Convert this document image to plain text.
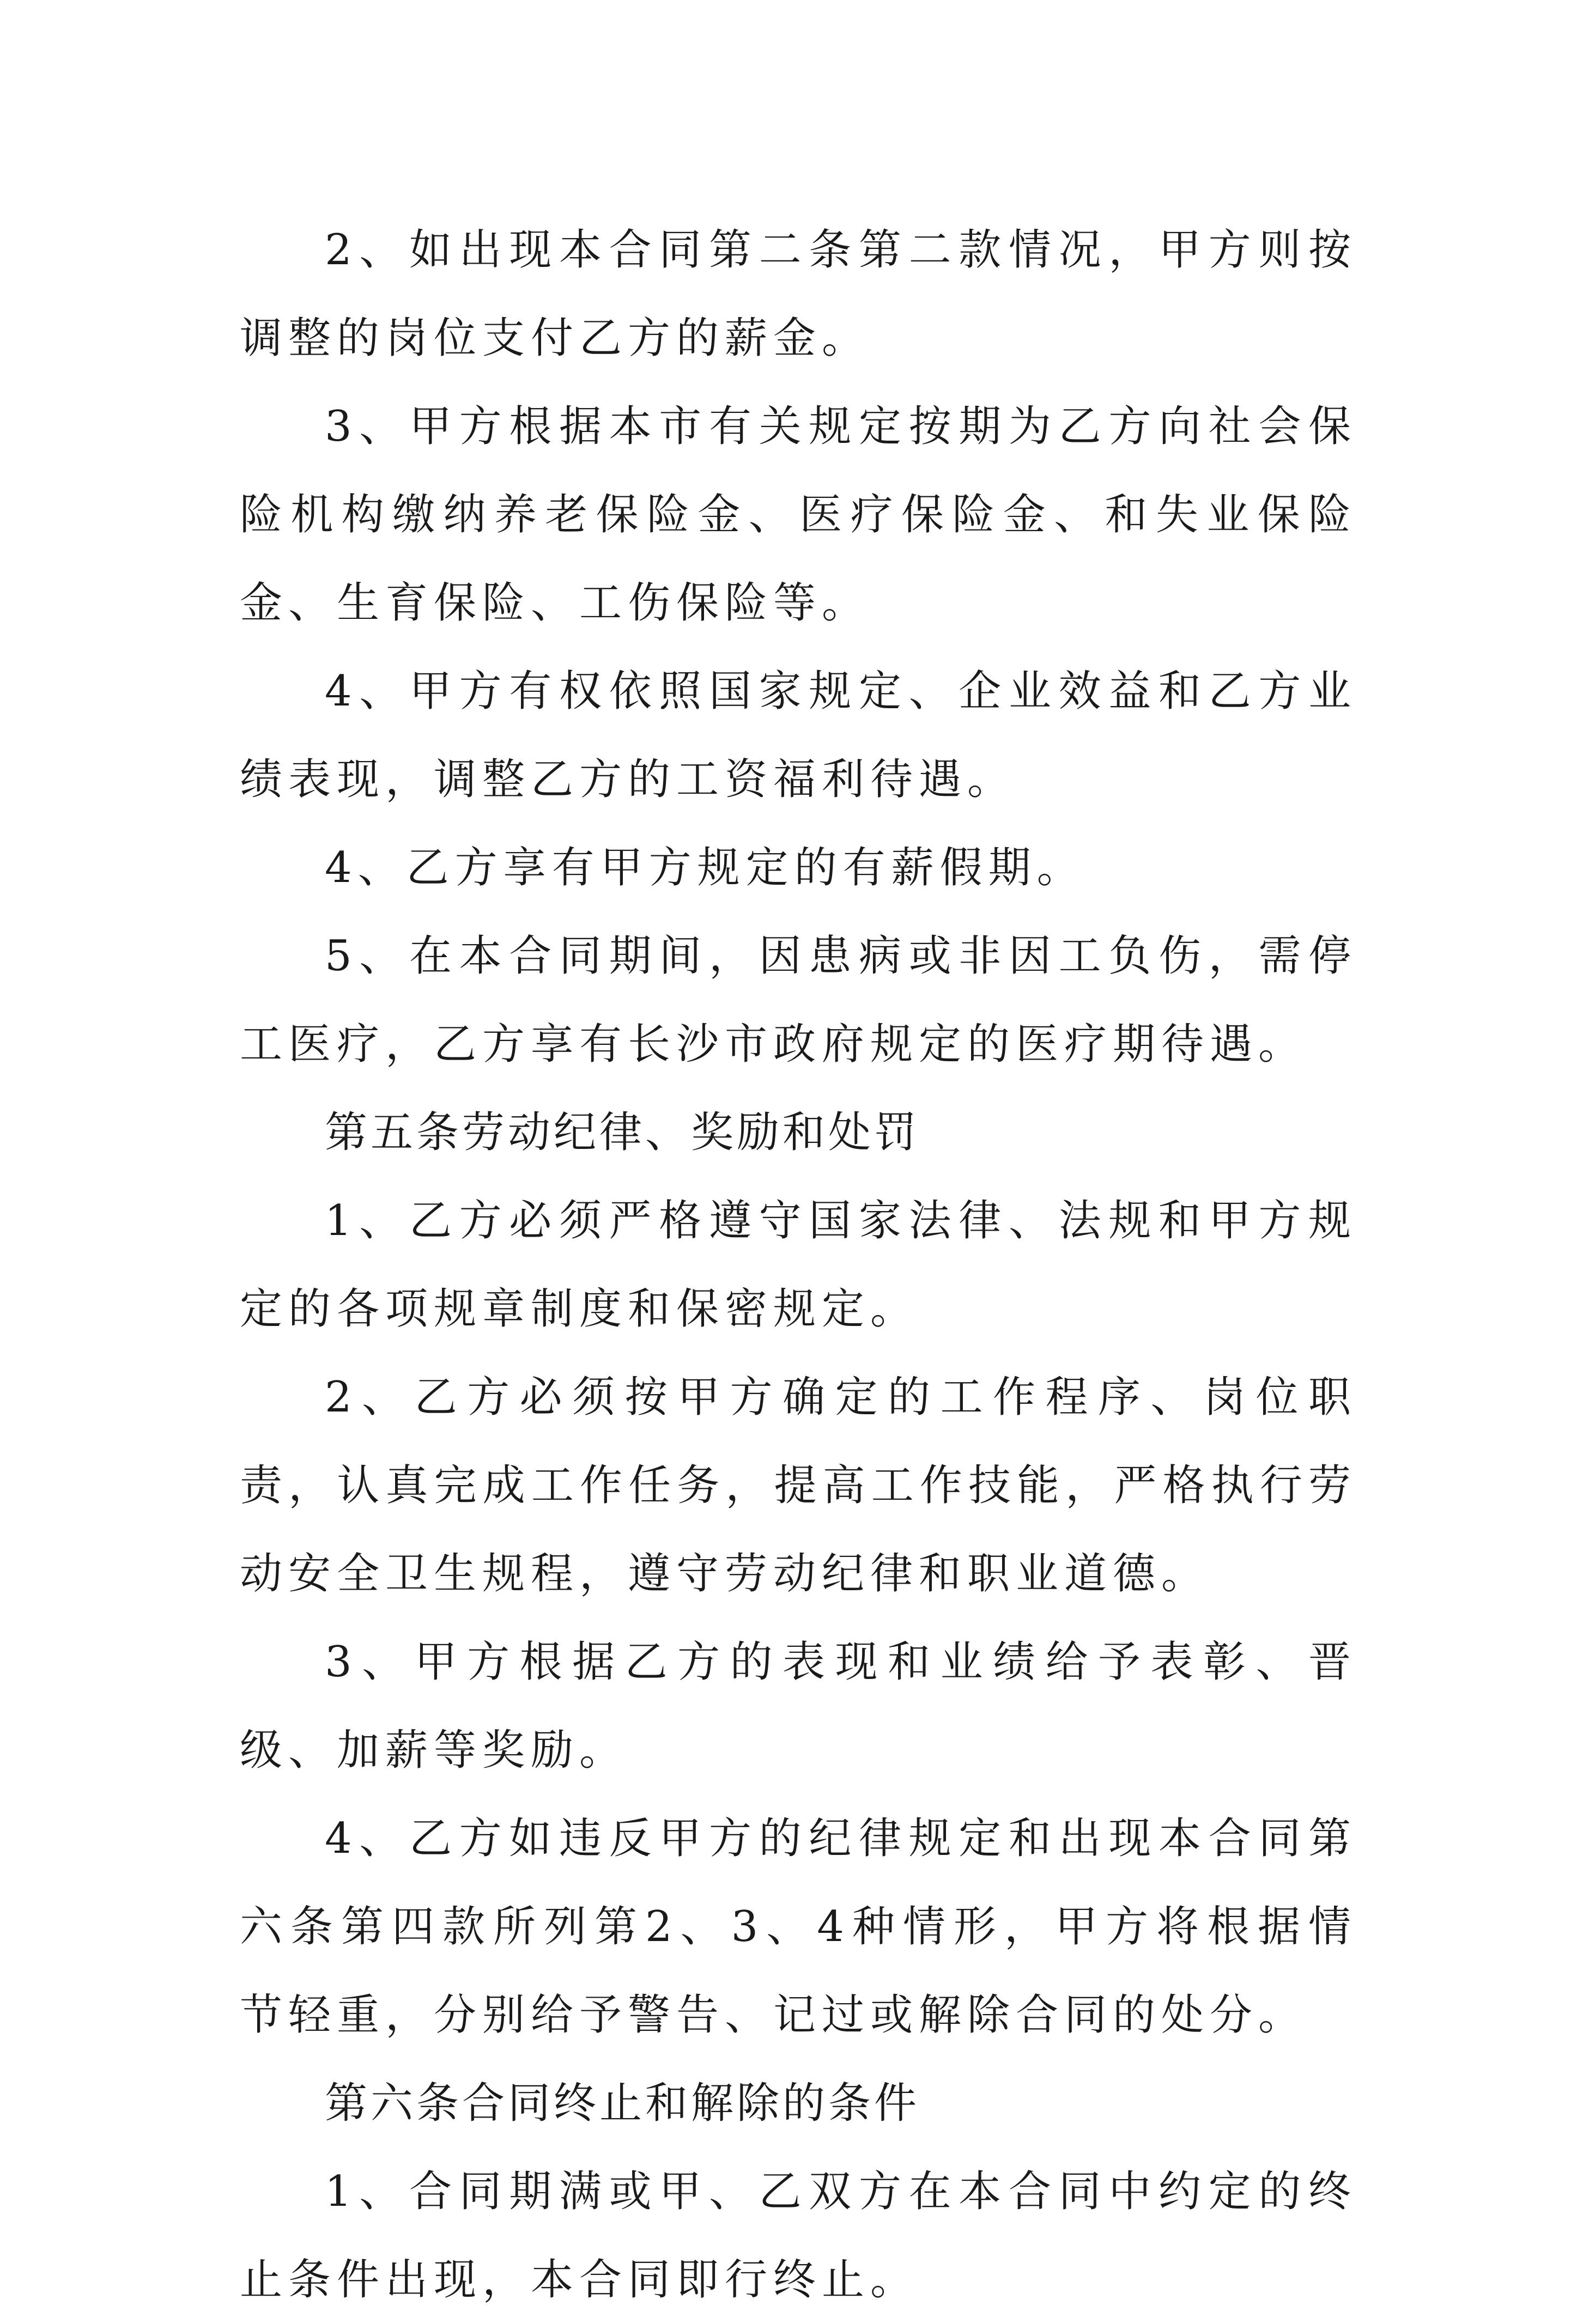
2、如出现本合同第二条第二款情况，甲方则按调整的岗位支付乙方的薪金。

3、甲方根据本市有关规定按期为乙方向社会保险机构缴纳养老保险金、医疗保险金、和失业保险金、生育保险、工伤保险等。

4、甲方有权依照国家规定、企业效益和乙方业绩表现，调整乙方的工资福利待遇。

4、乙方享有甲方规定的有薪假期。

5、在本合同期间，因患病或非因工负伤，需停工医疗，乙方享有长沙市政府规定的医疗期待遇。

第五条劳动纪律、奖励和处罚

1、乙方必须严格遵守国家法律、法规和甲方规定的各项规章制度和保密规定。

2、乙方必须按甲方确定的工作程序、岗位职责，认真完成工作任务，提高工作技能，严格执行劳动安全卫生规程，遵守劳动纪律和职业道德。

3、甲方根据乙方的表现和业绩给予表彰、晋级、加薪等奖励。

4、乙方如违反甲方的纪律规定和出现本合同第六条第四款所列第2、3、4种情形，甲方将根据情节轻重，分别给予警告、记过或解除合同的处分。

第六条合同终止和解除的条件

1、合同期满或甲、乙双方在本合同中约定的终止条件出现，本合同即行终止。
